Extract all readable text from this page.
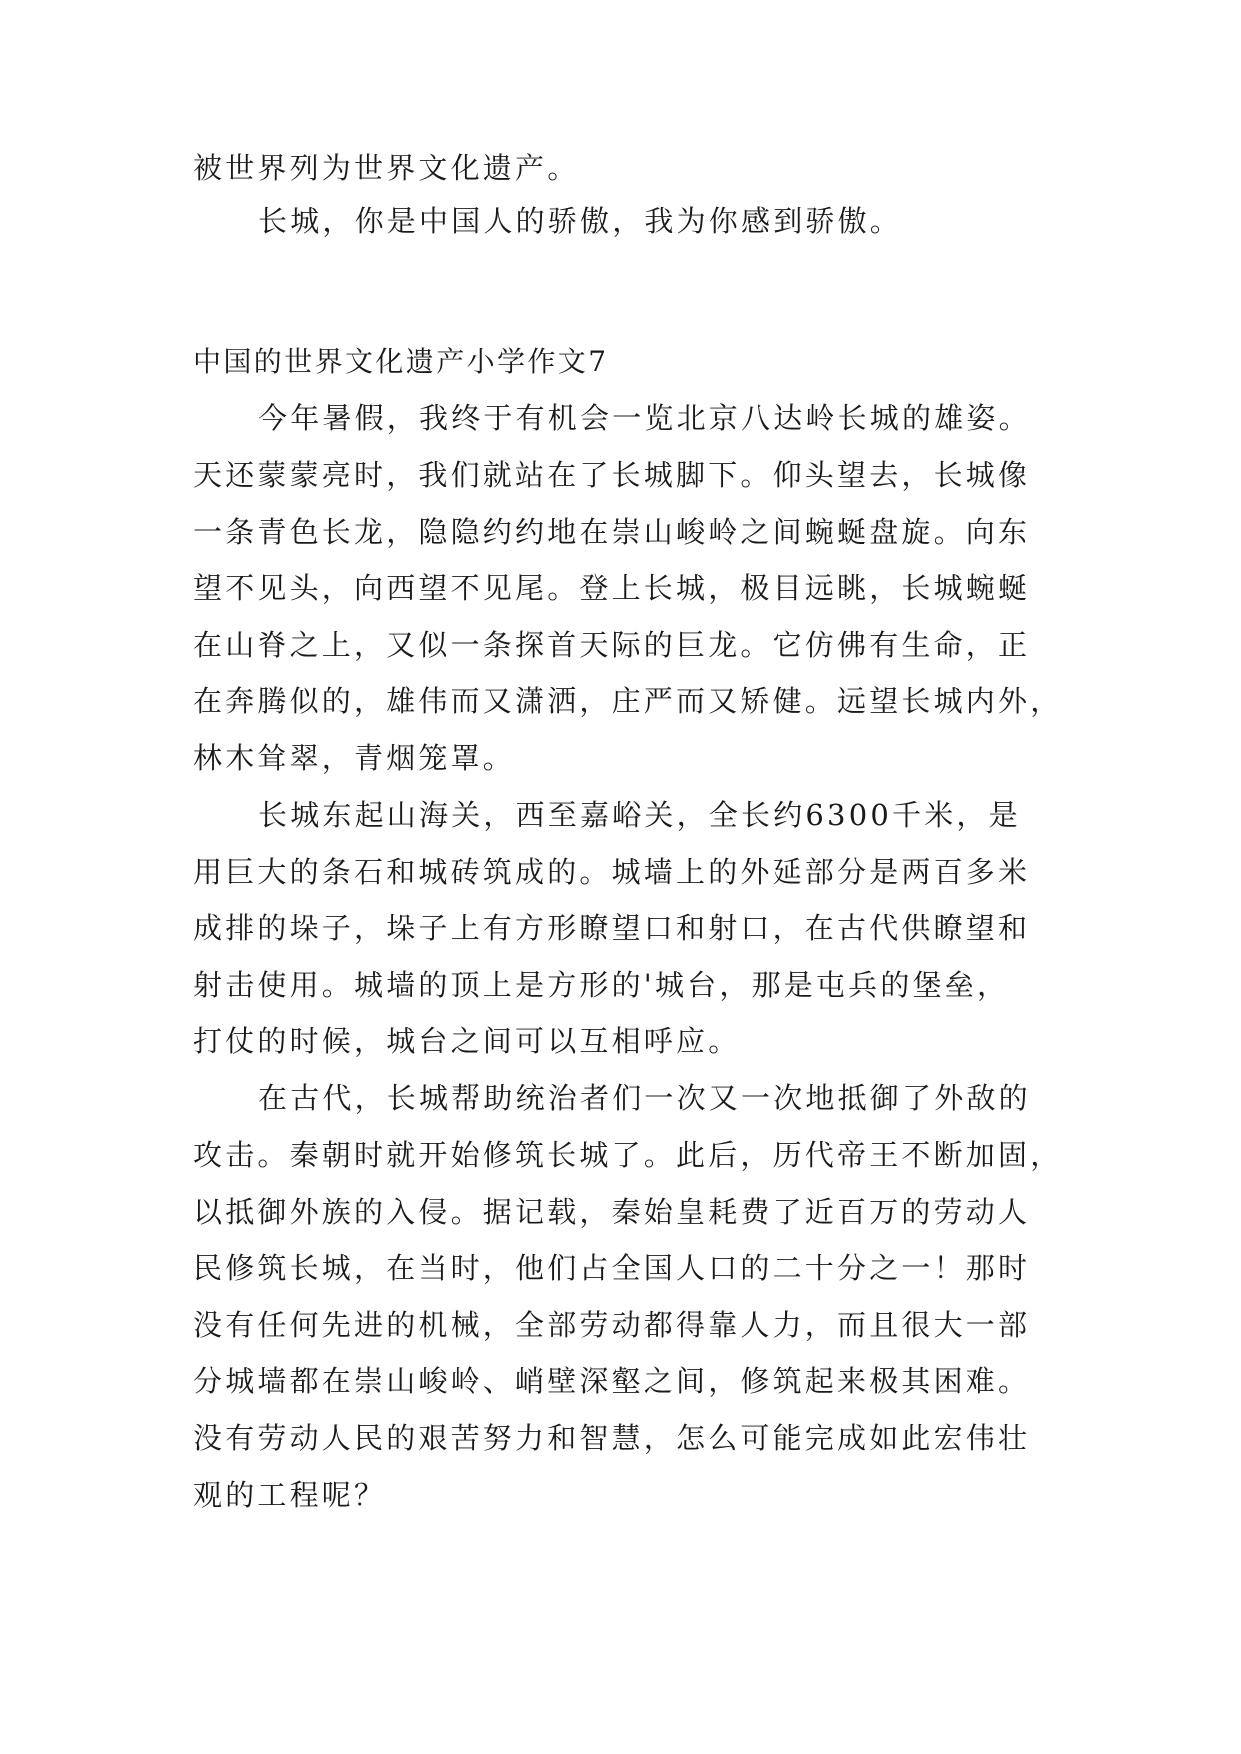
被世界列为世界文化遗产。
长城，你是中国人的骄傲，我为你感到骄傲。
中国的世界文化遗产小学作文7
今年暑假，我终于有机会一览北京八达岭长城的雄姿。
天还蒙蒙亮时，我们就站在了长城脚下。仰头望去，长城像
一条青色长龙，隐隐约约地在崇山峻岭之间蜿蜒盘旋。向东
望不见头，向西望不见尾。登上长城，极目远眺，长城蜿蜒
在山脊之上，又似一条探首天际的巨龙。它仿佛有生命，正
在奔腾似的，雄伟而又潇洒，庄严而又矫健。远望长城内外，
林木耸翠，青烟笼罩。
长城东起山海关，西至嘉峪关，全长约6300千米，是
用巨大的条石和城砖筑成的。城墙上的外延部分是两百多米
成排的垛子，垛子上有方形瞭望口和射口，在古代供瞭望和
射击使用。城墙的顶上是方形的'城台，那是屯兵的堡垒，
打仗的时候，城台之间可以互相呼应。
在古代，长城帮助统治者们一次又一次地抵御了外敌的
攻击。秦朝时就开始修筑长城了。此后，历代帝王不断加固，
以抵御外族的入侵。据记载，秦始皇耗费了近百万的劳动人
民修筑长城，在当时，他们占全国人口的二十分之一！那时
没有任何先进的机械，全部劳动都得靠人力，而且很大一部
分城墙都在崇山峻岭、峭壁深壑之间，修筑起来极其困难。
没有劳动人民的艰苦努力和智慧，怎么可能完成如此宏伟壮
观的工程呢？
